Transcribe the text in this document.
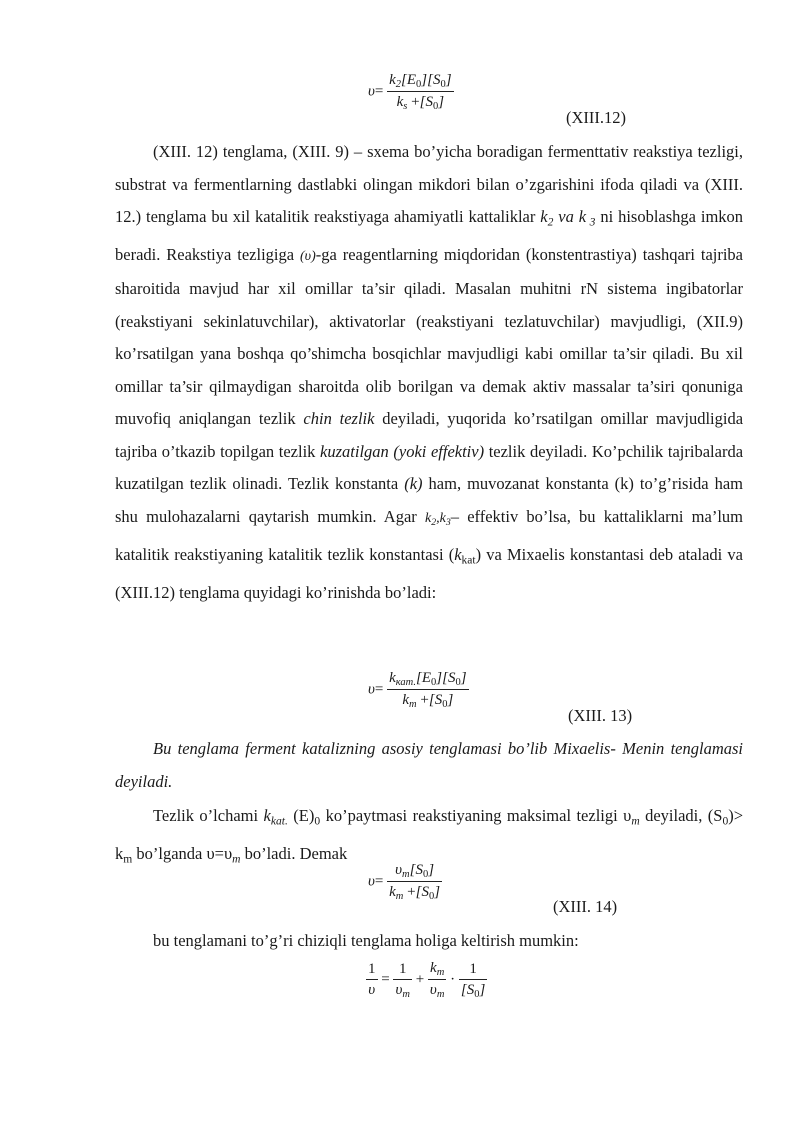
$\upsilon= \frac{k_2[E_0][S_0]}{k_s +[S_0]}$
(XIII.12)

(XIII. 12) tenglama, (XIII. 9) – sxema bo’yicha boradigan fermenttativ reakstiya tezligi, substrat va fermentlarning dastlabki olingan mikdori bilan o’zgarishini ifoda qiladi va (XIII. 12.) tenglama bu xil katalitik reakstiyaga ahamiyatli kattaliklar $k_2$ va k $_3$ ni hisoblashga imkon beradi. Reakstiya tezligiga (υ)-ga reagentlarning miqdoridan (konstentrastiya) tashqari tajriba sharoitida mavjud har xil omillar ta’sir qiladi. Masalan muhitni rN sistema ingibatorlar (reakstiyani sekinlatuvchilar), aktivatorlar (reakstiyani tezlatuvchilar) mavjudligi, (XII.9) ko’rsatilgan yana boshqa qo’shimcha bosqichlar mavjudligi kabi omillar ta’sir qiladi. Bu xil omillar ta’sir qilmaydigan sharoitda olib borilgan va demak aktiv massalar ta’siri qonuniga muvofiq aniqlangan tezlik chin tezlik deyiladi, yuqorida ko’rsatilgan omillar mavjudligida tajriba o’tkazib topilgan tezlik kuzatilgan (yoki effektiv) tezlik deyiladi. Ko’pchilik tajribalarda kuzatilgan tezlik olinadi. Tezlik konstanta (k) ham, muvozanat konstanta (k) to’g’risida ham shu mulohazalarni qaytarish mumkin. Agar $k_2,k_3-$ effektiv bo’lsa, bu kattaliklarni ma’lum katalitik reakstiyaning katalitik tezlik konstantasi $(k_{kat})$ va Mixaelis konstantasi deb ataladi va (XIII.12) tenglama quyidagi ko’rinishda bo’ladi:

$\upsilon= \frac{k_{кат.}[E_0][S_0]}{k_m +[S_0]}$
(XIII. 13)

Bu tenglama ferment katalizning asosiy tenglamasi bo’lib Mixaelis- Menin tenglamasi deyiladi.

Tezlik o’lchami $k_{kat.}$ $(E)_0$ ko’paytmasi reakstiyaning maksimal tezligi $\upsilon_m$ deyiladi, $(S_0)> k_m$ bo’lganda $\upsilon=\upsilon_m$ bo’ladi. Demak

$\upsilon= \frac{\upsilon_m[S_0]}{k_m +[S_0]}$
(XIII. 14)

bu tenglamani to’g’ri chiziqli tenglama holiga keltirish mumkin:

$\frac{1}{\upsilon} = \frac{1}{\upsilon_m} + \frac{k_m}{\upsilon_m} \cdot \frac{1}{[S_0]}$
